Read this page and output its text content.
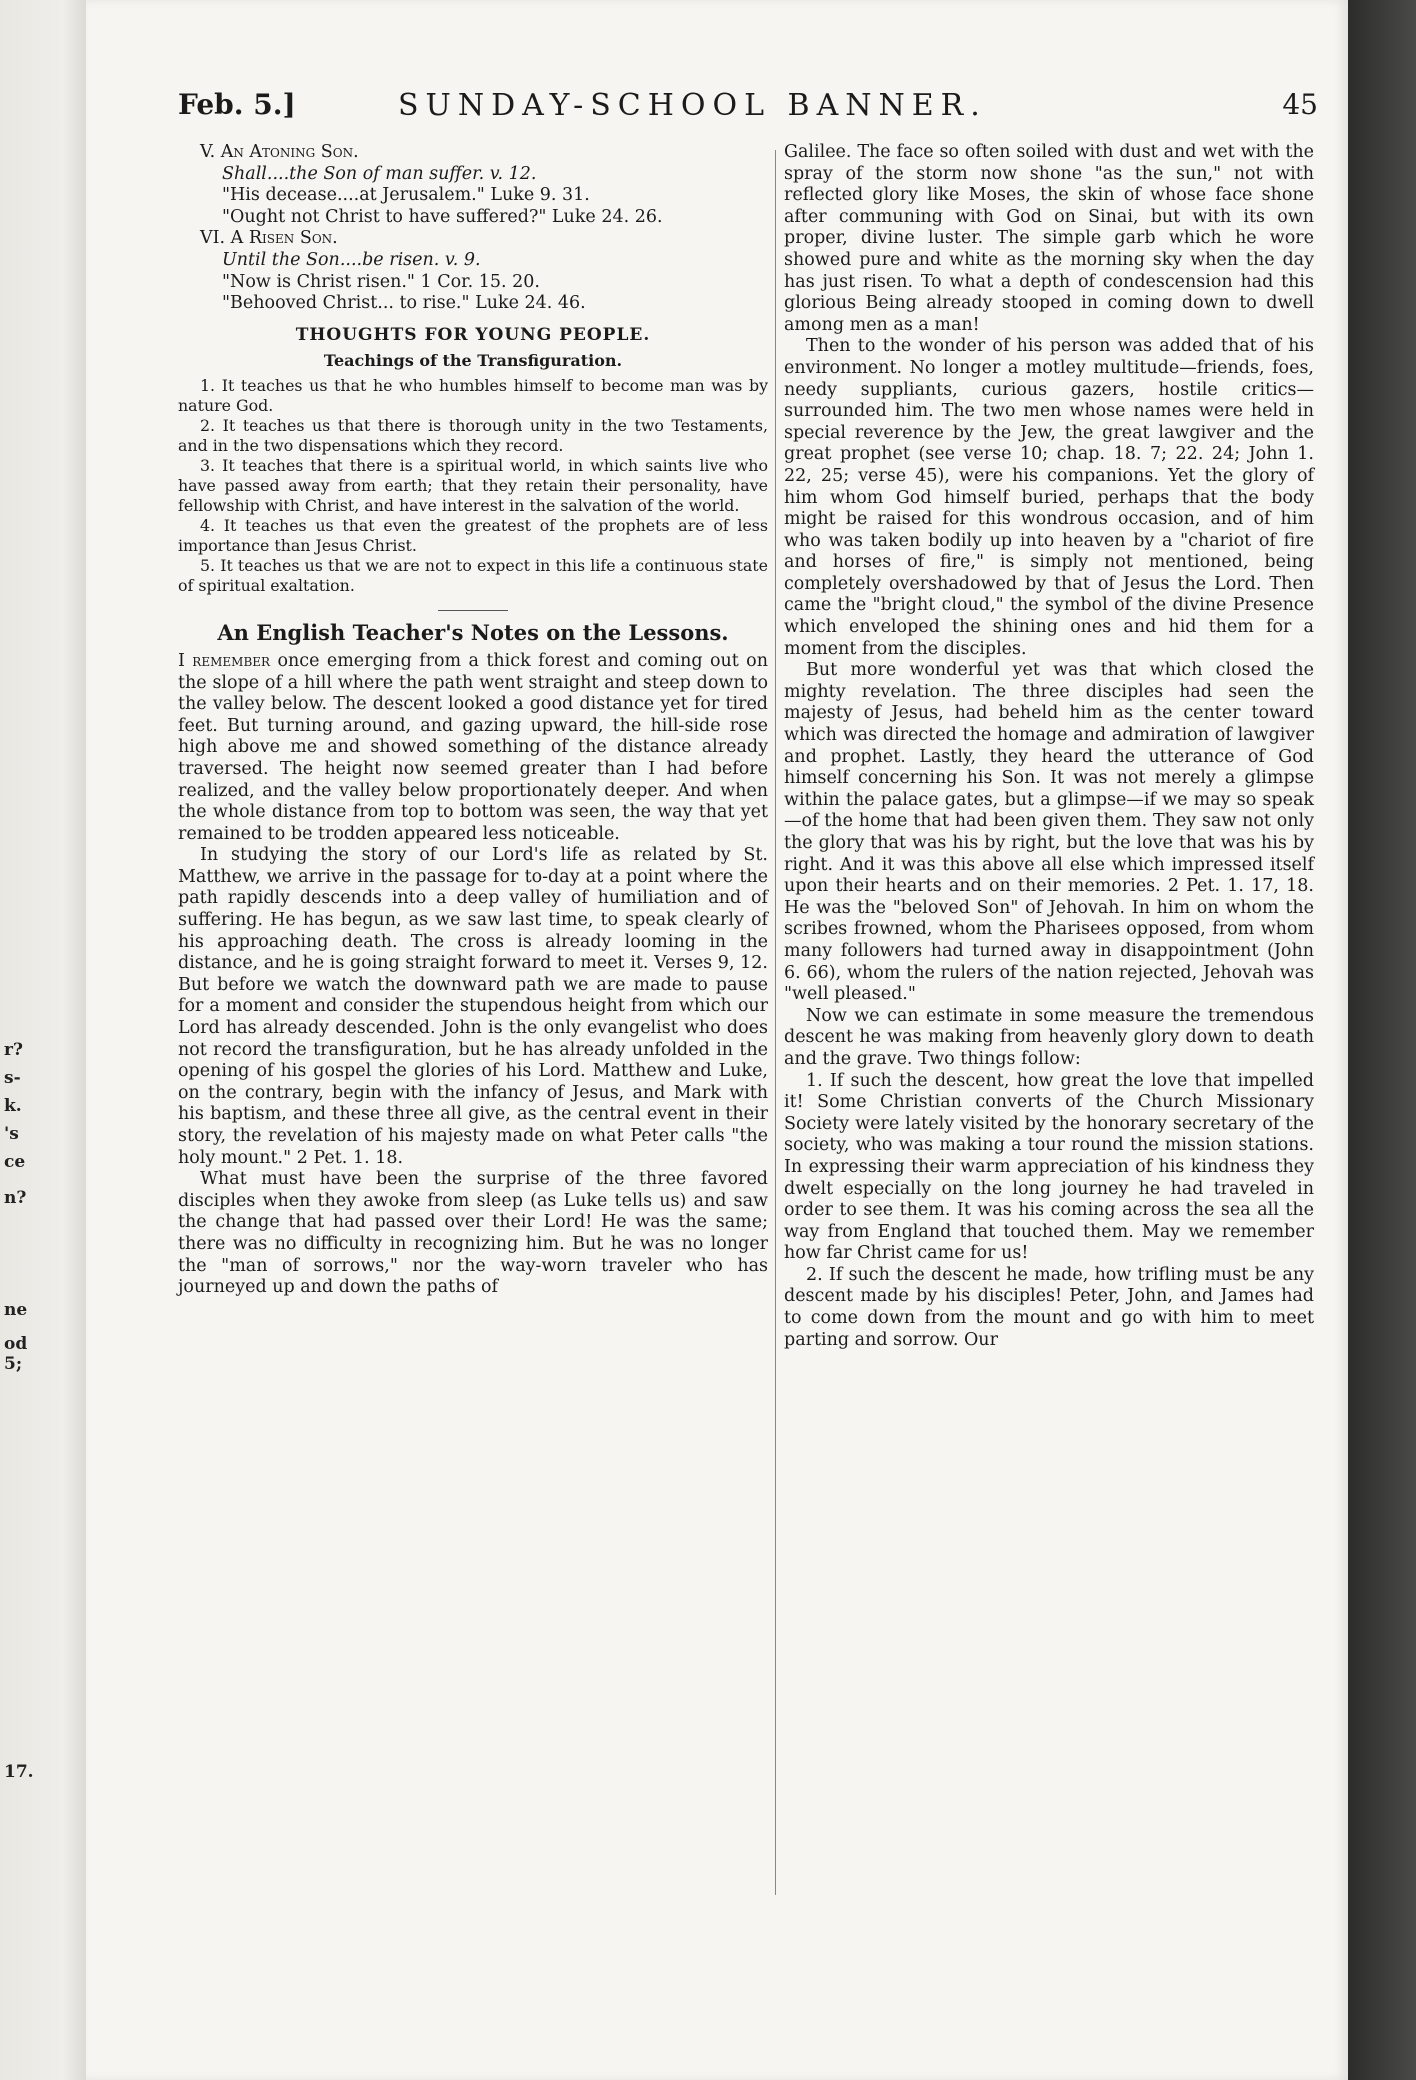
r?
s-
k.
's
ce
n?
ne
od
5;
17.
Feb. 5.]	SUNDAY-SCHOOL BANNER.	45

V. An Atoning Son.

Shall....the Son of man suffer. v. 12.

"His decease....at Jerusalem." Luke 9. 31.

"Ought not Christ to have suffered?" Luke 24. 26.

VI. A Risen Son.

Until the Son....be risen. v. 9.

"Now is Christ risen." 1 Cor. 15. 20.

"Behooved Christ... to rise." Luke 24. 46.

THOUGHTS FOR YOUNG PEOPLE.
Teachings of the Transfiguration.

1. It teaches us that he who humbles himself to become man was by nature God.

2. It teaches us that there is thorough unity in the two Testaments, and in the two dispensations which they record.

3. It teaches that there is a spiritual world, in which saints live who have passed away from earth; that they retain their personality, have fellowship with Christ, and have interest in the salvation of the world.

4. It teaches us that even the greatest of the prophets are of less importance than Jesus Christ.

5. It teaches us that we are not to expect in this life a continuous state of spiritual exaltation.

An English Teacher's Notes on the Lessons.

I remember once emerging from a thick forest and coming out on the slope of a hill where the path went straight and steep down to the valley below. The descent looked a good distance yet for tired feet. But turning around, and gazing upward, the hill-side rose high above me and showed something of the distance already traversed. The height now seemed greater than I had before realized, and the valley below proportionately deeper. And when the whole distance from top to bottom was seen, the way that yet remained to be trodden appeared less noticeable.

In studying the story of our Lord's life as related by St. Matthew, we arrive in the passage for to-day at a point where the path rapidly descends into a deep valley of humiliation and of suffering. He has begun, as we saw last time, to speak clearly of his approaching death. The cross is already looming in the distance, and he is going straight forward to meet it. Verses 9, 12. But before we watch the downward path we are made to pause for a moment and consider the stupendous height from which our Lord has already descended. John is the only evangelist who does not record the transfiguration, but he has already unfolded in the opening of his gospel the glories of his Lord. Matthew and Luke, on the contrary, begin with the infancy of Jesus, and Mark with his baptism, and these three all give, as the central event in their story, the revelation of his majesty made on what Peter calls "the holy mount." 2 Pet. 1. 18.

What must have been the surprise of the three favored disciples when they awoke from sleep (as Luke tells us) and saw the change that had passed over their Lord! He was the same; there was no difficulty in recognizing him. But he was no longer the "man of sorrows," nor the way-worn traveler who has journeyed up and down the paths of

Galilee. The face so often soiled with dust and wet with the spray of the storm now shone "as the sun," not with reflected glory like Moses, the skin of whose face shone after communing with God on Sinai, but with its own proper, divine luster. The simple garb which he wore showed pure and white as the morning sky when the day has just risen. To what a depth of condescension had this glorious Being already stooped in coming down to dwell among men as a man!

Then to the wonder of his person was added that of his environment. No longer a motley multitude—friends, foes, needy suppliants, curious gazers, hostile critics—surrounded him. The two men whose names were held in special reverence by the Jew, the great lawgiver and the great prophet (see verse 10; chap. 18. 7; 22. 24; John 1. 22, 25; verse 45), were his companions. Yet the glory of him whom God himself buried, perhaps that the body might be raised for this wondrous occasion, and of him who was taken bodily up into heaven by a "chariot of fire and horses of fire," is simply not mentioned, being completely overshadowed by that of Jesus the Lord. Then came the "bright cloud," the symbol of the divine Presence which enveloped the shining ones and hid them for a moment from the disciples.

But more wonderful yet was that which closed the mighty revelation. The three disciples had seen the majesty of Jesus, had beheld him as the center toward which was directed the homage and admiration of lawgiver and prophet. Lastly, they heard the utterance of God himself concerning his Son. It was not merely a glimpse within the palace gates, but a glimpse—if we may so speak—of the home that had been given them. They saw not only the glory that was his by right, but the love that was his by right. And it was this above all else which impressed itself upon their hearts and on their memories. 2 Pet. 1. 17, 18. He was the "beloved Son" of Jehovah. In him on whom the scribes frowned, whom the Pharisees opposed, from whom many followers had turned away in disappointment (John 6. 66), whom the rulers of the nation rejected, Jehovah was "well pleased."

Now we can estimate in some measure the tremendous descent he was making from heavenly glory down to death and the grave. Two things follow:

1. If such the descent, how great the love that impelled it! Some Christian converts of the Church Missionary Society were lately visited by the honorary secretary of the society, who was making a tour round the mission stations. In expressing their warm appreciation of his kindness they dwelt especially on the long journey he had traveled in order to see them. It was his coming across the sea all the way from England that touched them. May we remember how far Christ came for us!

2. If such the descent he made, how trifling must be any descent made by his disciples! Peter, John, and James had to come down from the mount and go with him to meet parting and sorrow. Our
